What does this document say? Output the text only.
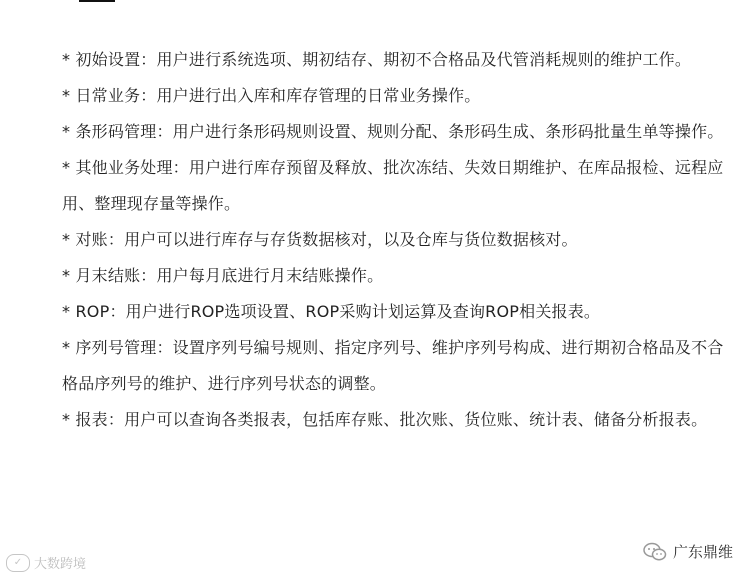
* 初始设置：用户进行系统选项、期初结存、期初不合格品及代管消耗规则的维护工作。
* 日常业务：用户进行出入库和库存管理的日常业务操作。
* 条形码管理：用户进行条形码规则设置、规则分配、条形码生成、条形码批量生单等操作。
* 其他业务处理：用户进行库存预留及释放、批次冻结、失效日期维护、在库品报检、远程应用、整理现存量等操作。
* 对账：用户可以进行库存与存货数据核对，以及仓库与货位数据核对。
* 月末结账：用户每月底进行月末结账操作。
* ROP：用户进行ROP选项设置、ROP采购计划运算及查询ROP相关报表。
* 序列号管理：设置序列号编号规则、指定序列号、维护序列号构成、进行期初合格品及不合格品序列号的维护、进行序列号状态的调整。
* 报表：用户可以查询各类报表，包括库存账、批次账、货位账、统计表、储备分析报表。
✓ 大数跨境
广东鼎维
